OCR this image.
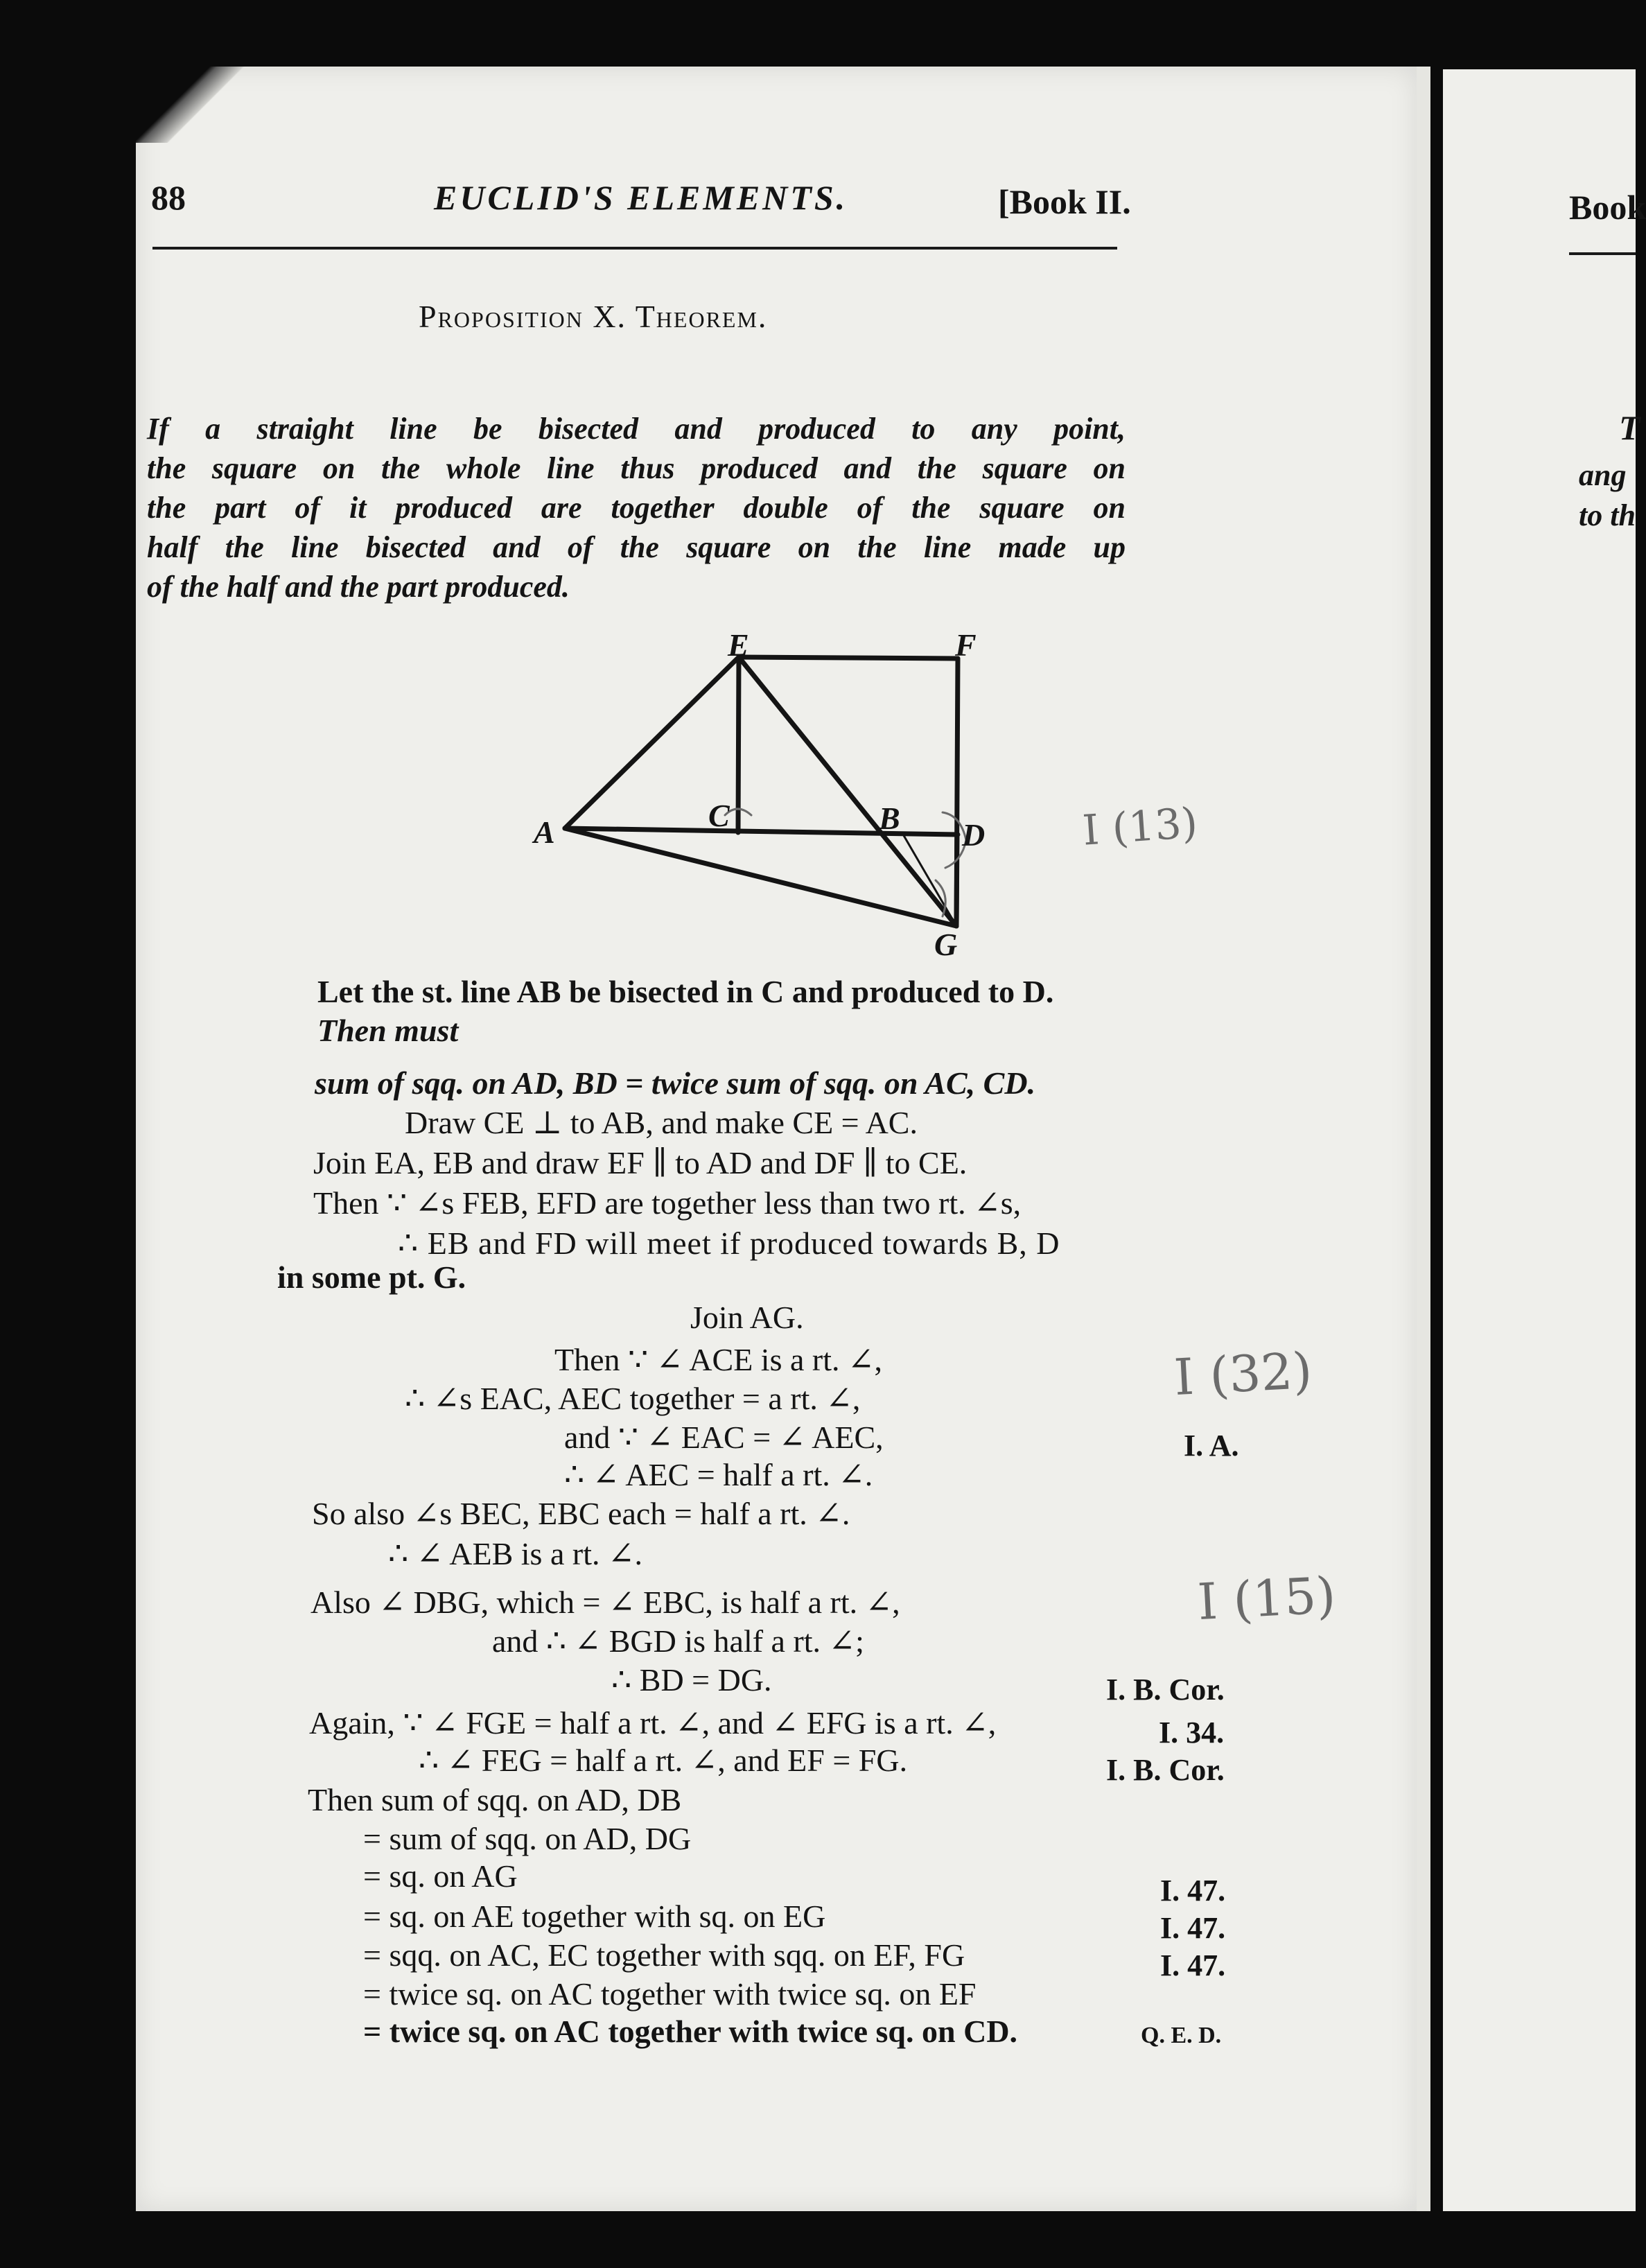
88	EUCLID'S ELEMENTS.	[Book II.
Proposition X. Theorem.
If a straight line be bisected and produced to any point,
the square on the whole line thus produced and the square on
the part of it produced are together double of the square on
half the line bisected and of the square on the line made up
of the half and the part produced.
E	F
A	C	B D
G
I (13)
I (32)
I (15)
Let the st. line AB be bisected in C and produced to D.
Then must
sum of sqq. on AD, BD = twice sum of sqq. on AC, CD.
Draw CE ⊥ to AB, and make CE = AC.
Join EA, EB and draw EF ∥ to AD and DF ∥ to CE.
Then ∵ ∠s FEB, EFD are together less than two rt. ∠s,
∴ EB and FD will meet if produced towards B, D
in some pt. G.
Join AG.
Then ∵ ∠ ACE is a rt. ∠,
∴ ∠s EAC, AEC together = a rt. ∠,
and ∵ ∠ EAC = ∠ AEC,
∴ ∠ AEC = half a rt. ∠.
So also ∠s BEC, EBC each = half a rt. ∠.
∴ ∠ AEB is a rt. ∠.
Also ∠ DBG, which = ∠ EBC, is half a rt. ∠,
and ∴ ∠ BGD is half a rt. ∠;
∴ BD = DG.
Again, ∵ ∠ FGE = half a rt. ∠, and ∠ EFG is a rt. ∠,
∴ ∠ FEG = half a rt. ∠, and EF = FG.
Then sum of sqq. on AD, DB
= sum of sqq. on AD, DG
= sq. on AG
= sq. on AE together with sq. on EG
= sqq. on AC, EC together with sqq. on EF, FG
= twice sq. on AC together with twice sq. on EF
= twice sq. on AC together with twice sq. on CD.	Q. E. D.
I. A.
I. B. Cor.
I. 34.
I. B. Cor.
I. 47.
I. 47.
I. 47.
Book
T
ang
to th
